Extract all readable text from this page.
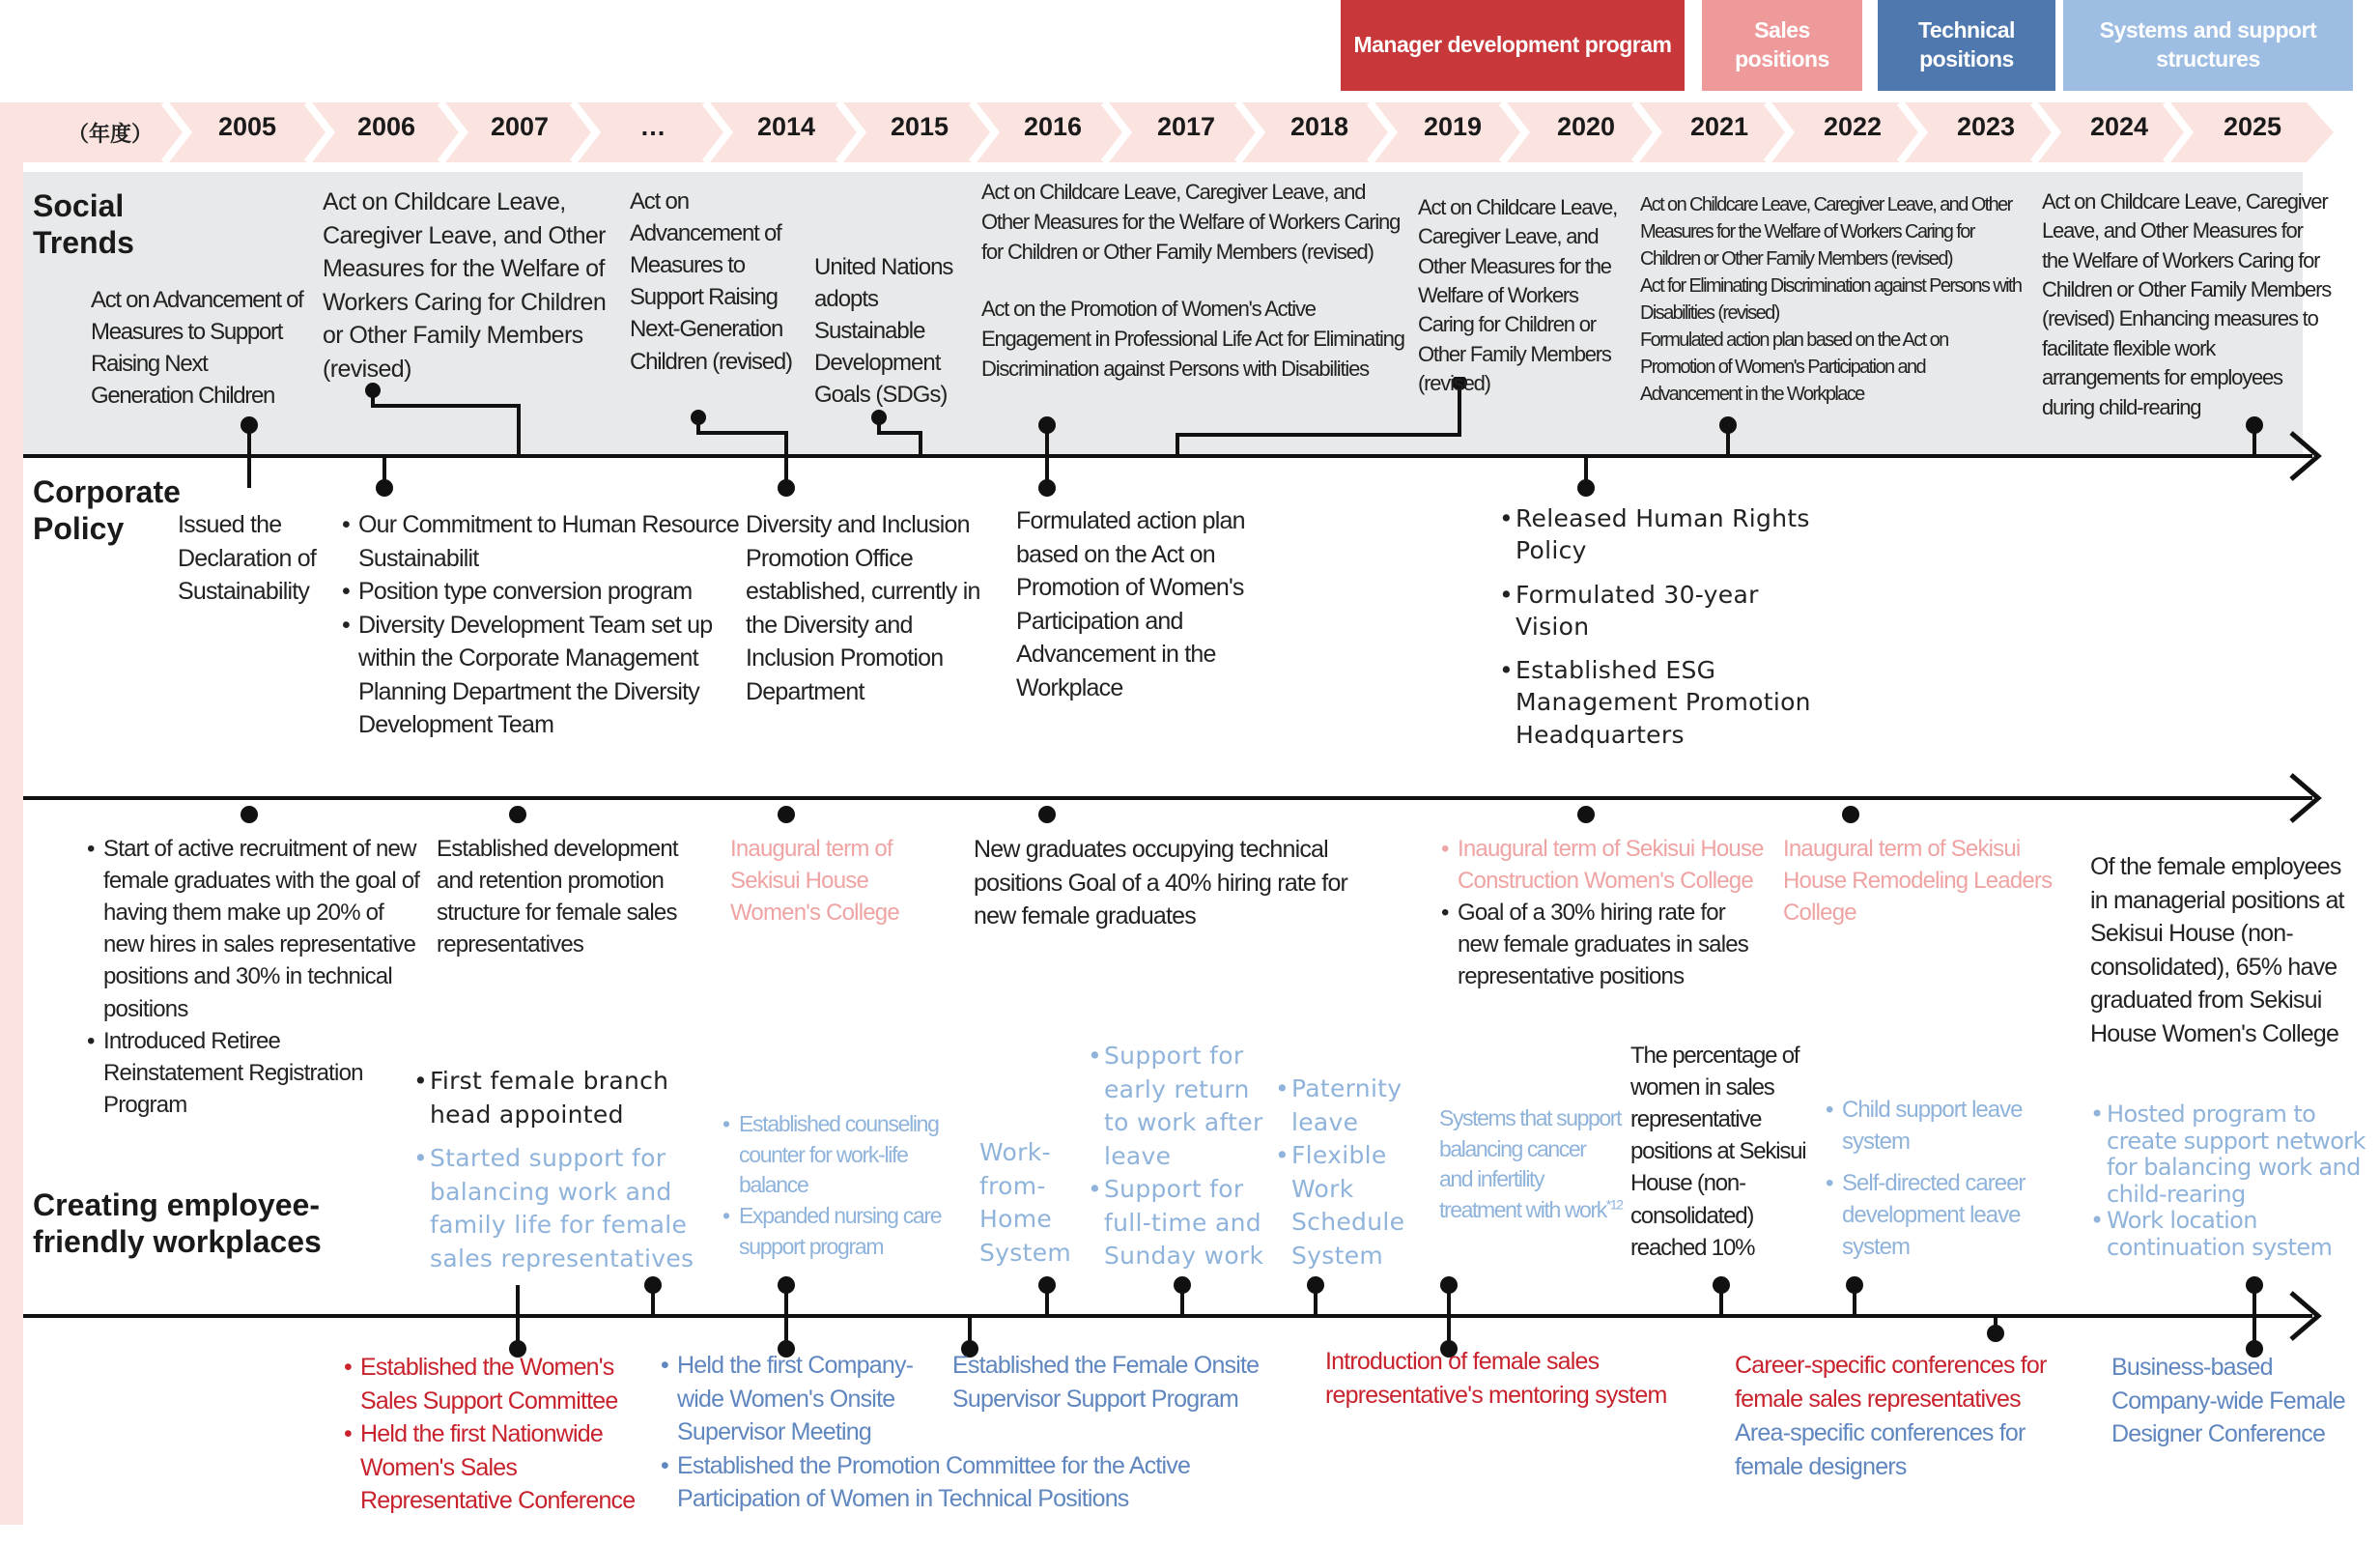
Manager development program
Sales positions
Technical positions
Systems and support structures
（年度）	2005	2006	2007	…	2014	2015	2016	2017	2018	2019	2020	2021	2022	2023	2024	2025
Social Trends
Corporate Policy
Creating employee-friendly workplaces
Act on Advancement of Measures to Support Raising Next Generation Children
Act on Childcare Leave, Caregiver Leave, and Other Measures for the Welfare of Workers Caring for Children or Other Family Members (revised)
Act on Advancement of Measures to Support Raising Next-Generation Children (revised)
United Nations adopts Sustainable Development Goals (SDGs)
Act on Childcare Leave, Caregiver Leave, and Other Measures for the Welfare of Workers Caring for Children or Other Family Members (revised)
Act on the Promotion of Women's Active Engagement in Professional Life Act for Eliminating Discrimination against Persons with Disabilities
Act on Childcare Leave, Caregiver Leave, and Other Measures for the Welfare of Workers Caring for Children or Other Family Members (revised)
Act on Childcare Leave, Caregiver Leave, and Other Measures for the Welfare of Workers Caring for Children or Other Family Members (revised)
Act for Eliminating Discrimination against Persons with Disabilities (revised)
Formulated action plan based on the Act on Promotion of Women's Participation and Advancement in the Workplace
Act on Childcare Leave, Caregiver Leave, and Other Measures for the Welfare of Workers Caring for Children or Other Family Members (revised) Enhancing measures to facilitate flexible work arrangements for employees during child-rearing
Issued the Declaration of Sustainability
• Our Commitment to Human Resource Sustainabilit
• Position type conversion program
• Diversity Development Team set up within the Corporate Management Planning Department the Diversity Development Team
Diversity and Inclusion Promotion Office established, currently in the Diversity and Inclusion Promotion Department
Formulated action plan based on the Act on Promotion of Women's Participation and Advancement in the Workplace
• Released Human Rights Policy
• Formulated 30-year Vision
• Established ESG Management Promotion Headquarters
• Start of active recruitment of new female graduates with the goal of having them make up 20% of new hires in sales representative positions and 30% in technical positions
• Introduced Retiree Reinstatement Registration Program
Established development and retention promotion structure for female sales representatives
Inaugural term of Sekisui House Women's College
New graduates occupying technical positions Goal of a 40% hiring rate for new female graduates
• Inaugural term of Sekisui House Construction Women's College
• Goal of a 30% hiring rate for new female graduates in sales representative positions
Inaugural term of Sekisui House Remodeling Leaders College
Of the female employees in managerial positions at Sekisui House (non-consolidated), 65% have graduated from Sekisui House Women's College
• First female branch head appointed
• Started support for balancing work and family life for female sales representatives
• Established counseling counter for work-life balance
• Expanded nursing care support program
Work-from-Home System
• Support for early return to work after leave
• Support for full-time and Sunday work
• Paternity leave
• Flexible Work Schedule System
Systems that support balancing cancer and infertility treatment with work$^{*12}$
The percentage of women in sales representative positions at Sekisui House (non-consolidated) reached 10%
• Child support leave system
• Self-directed career development leave system
• Hosted program to create support network for balancing work and child-rearing
• Work location continuation system
• Established the Women's Sales Support Committee
• Held the first Nationwide Women's Sales Representative Conference
• Held the first Company-wide Women's Onsite Supervisor Meeting
• Established the Promotion Committee for the Active Participation of Women in Technical Positions
Established the Female Onsite Supervisor Support Program
Introduction of female sales representative's mentoring system
Career-specific conferences for female sales representatives
Area-specific conferences for female designers
Business-based Company-wide Female Designer Conference
